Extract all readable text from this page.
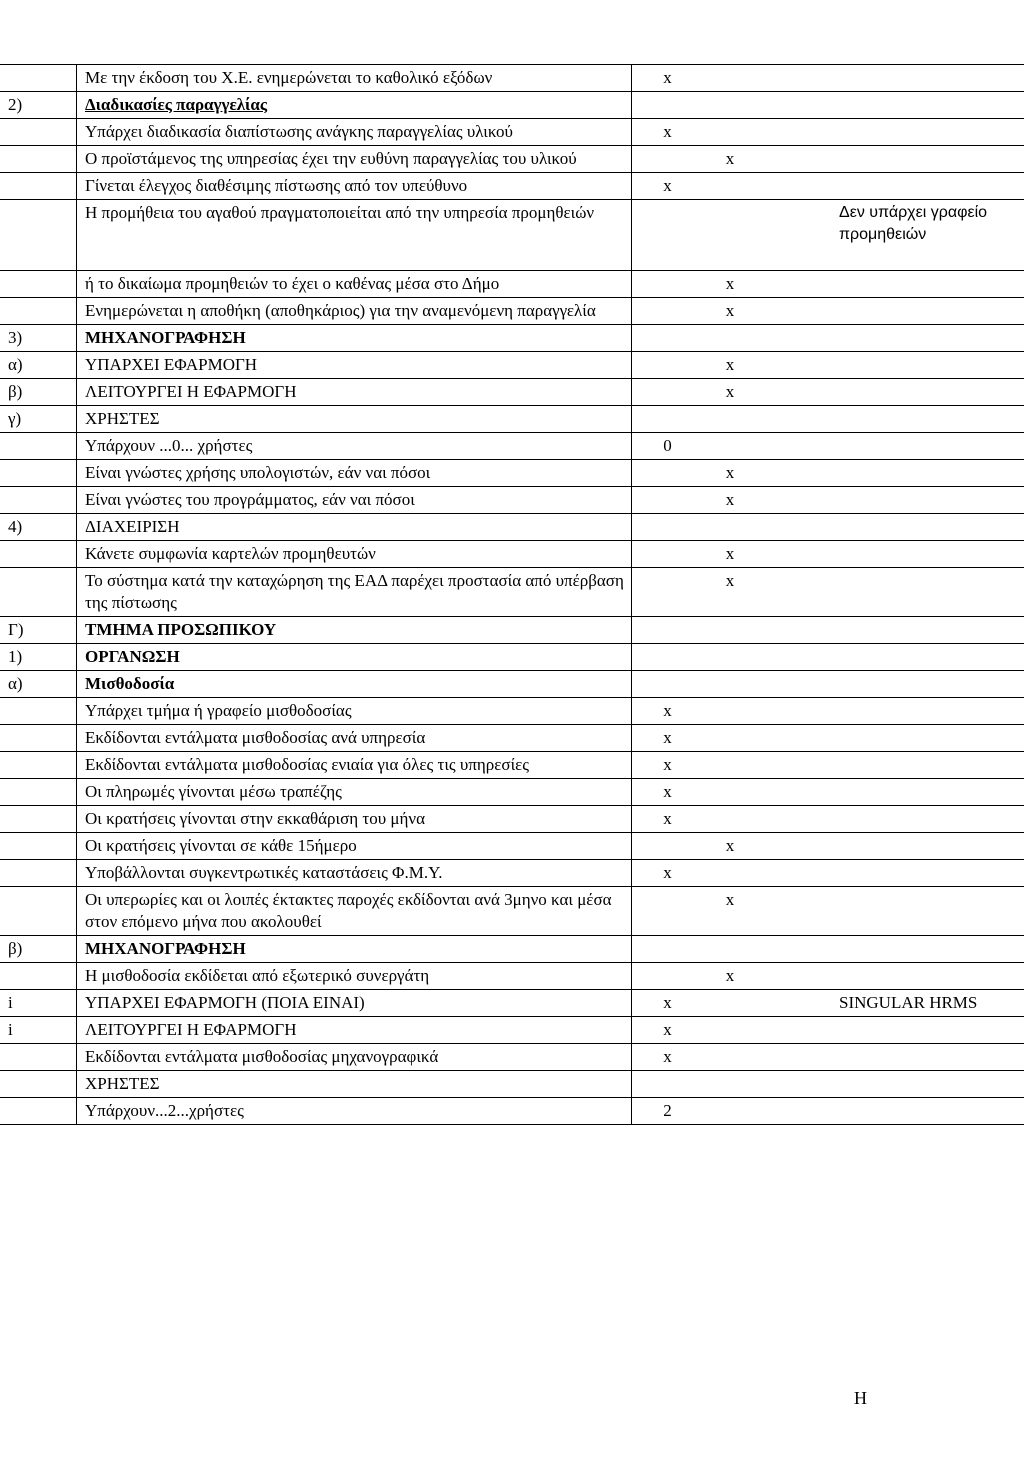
	Με την έκδοση του Χ.Ε. ενημερώνεται το καθολικό εξόδων	x			
2)	Διαδικασίες παραγγελίας				
	Υπάρχει διαδικασία διαπίστωσης ανάγκης παραγγελίας υλικού	x			
	Ο προϊστάμενος της υπηρεσίας έχει την ευθύνη παραγγελίας του υλικού		x		
	Γίνεται έλεγχος διαθέσιμης πίστωσης από τον υπεύθυνο	x			
	Η προμήθεια του αγαθού πραγματοποιείται από την υπηρεσία προμηθειών				Δεν υπάρχει γραφείο προμηθειών
	ή το δικαίωμα προμηθειών το έχει ο καθένας μέσα στο Δήμο		x		
	Ενημερώνεται η αποθήκη (αποθηκάριος) για την αναμενόμενη παραγγελία		x		
3)	ΜΗΧΑΝΟΓΡΑΦΗΣΗ				
α)	ΥΠΑΡΧΕΙ ΕΦΑΡΜΟΓΗ		x		
β)	ΛΕΙΤΟΥΡΓΕΙ Η ΕΦΑΡΜΟΓΗ		x		
γ)	ΧΡΗΣΤΕΣ				
	Υπάρχουν ...0... χρήστες	0			
	Είναι γνώστες χρήσης υπολογιστών, εάν ναι πόσοι		x		
	Είναι γνώστες του προγράμματος, εάν ναι πόσοι		x		
4)	ΔΙΑΧΕΙΡΙΣΗ				
	Κάνετε συμφωνία καρτελών προμηθευτών		x		
	Το σύστημα κατά την καταχώρηση της ΕΑΔ παρέχει προστασία από υπέρβαση της πίστωσης		x		
Γ)	ΤΜΗΜΑ ΠΡΟΣΩΠΙΚΟΥ				
1)	ΟΡΓΑΝΩΣΗ				
α)	Μισθοδοσία				
	Υπάρχει τμήμα ή γραφείο μισθοδοσίας	x			
	Εκδίδονται εντάλματα μισθοδοσίας ανά υπηρεσία	x			
	Εκδίδονται εντάλματα μισθοδοσίας ενιαία για όλες τις υπηρεσίες	x			
	Οι πληρωμές γίνονται μέσω τραπέζης	x			
	Οι κρατήσεις γίνονται στην εκκαθάριση του μήνα	x			
	Οι κρατήσεις γίνονται σε κάθε 15ήμερο		x		
	Υποβάλλονται συγκεντρωτικές καταστάσεις Φ.Μ.Υ.	x			
	Οι υπερωρίες και οι λοιπές έκτακτες παροχές εκδίδονται ανά 3μηνο και μέσα στον επόμενο μήνα που ακολουθεί		x		
β)	ΜΗΧΑΝΟΓΡΑΦΗΣΗ				
	Η μισθοδοσία εκδίδεται από εξωτερικό συνεργάτη		x		
i	ΥΠΑΡΧΕΙ ΕΦΑΡΜΟΓΗ (ΠΟΙΑ ΕΙΝΑΙ)	x			SINGULAR HRMS
i	ΛΕΙΤΟΥΡΓΕΙ Η ΕΦΑΡΜΟΓΗ	x			
	Εκδίδονται εντάλματα μισθοδοσίας μηχανογραφικά	x			
	ΧΡΗΣΤΕΣ				
	Υπάρχουν...2...χρήστες	2			
Η
